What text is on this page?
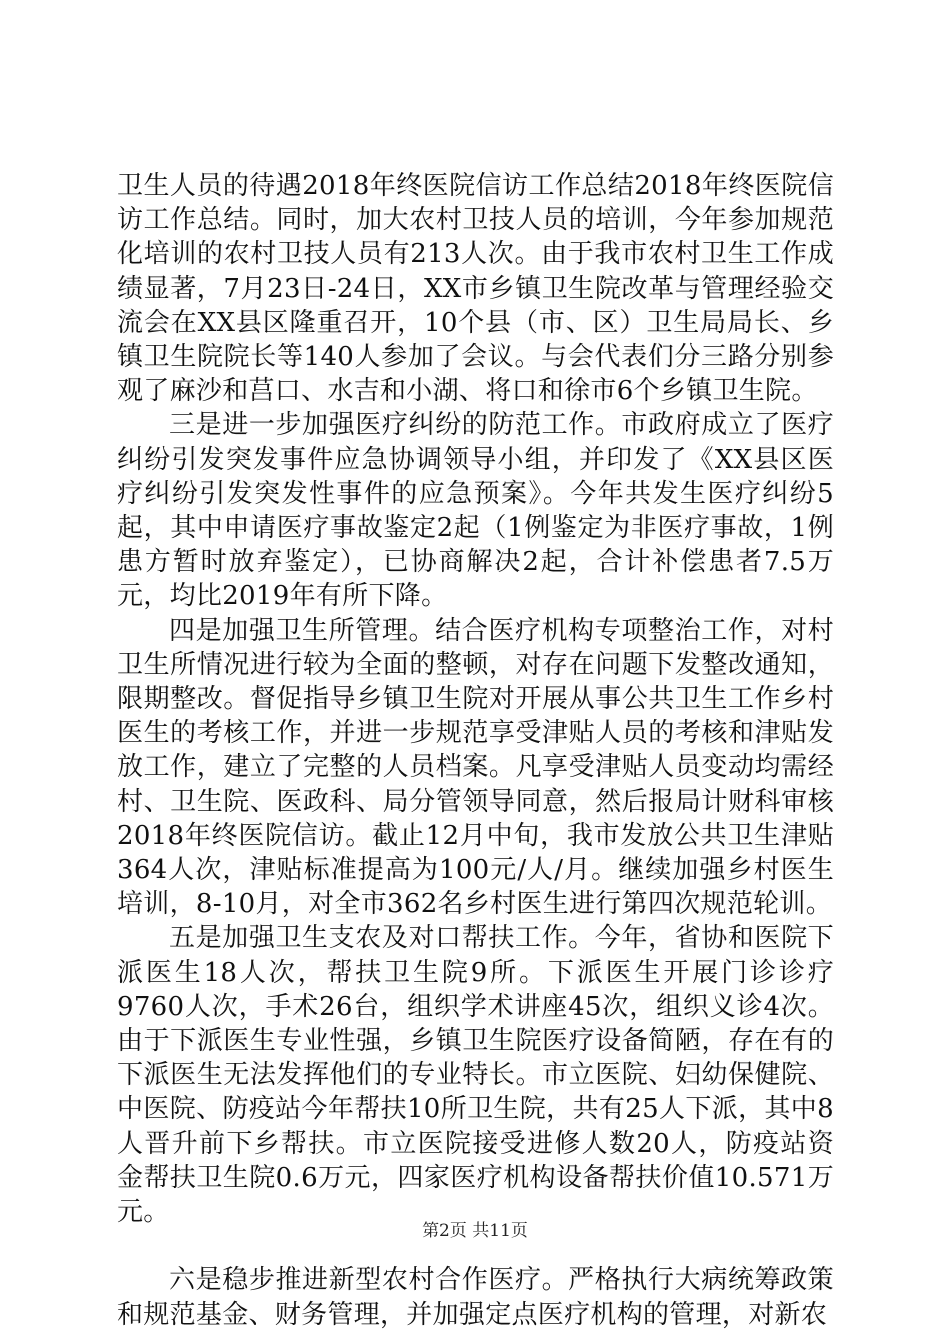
卫生人员的待遇2018年终医院信访工作总结2018年终医院信访工作总结。同时，加大农村卫技人员的培训，今年参加规范化培训的农村卫技人员有213人次。由于我市农村卫生工作成绩显著，7月23日-24日，XX市乡镇卫生院改革与管理经验交流会在XX县区隆重召开，10个县（市、区）卫生局局长、乡镇卫生院院长等140人参加了会议。与会代表们分三路分别参观了麻沙和莒口、水吉和小湖、将口和徐市6个乡镇卫生院。

三是进一步加强医疗纠纷的防范工作。市政府成立了医疗纠纷引发突发事件应急协调领导小组，并印发了《XX县区医疗纠纷引发突发性事件的应急预案》。今年共发生医疗纠纷5起，其中申请医疗事故鉴定2起（1例鉴定为非医疗事故，1例患方暂时放弃鉴定），已协商解决2起，合计补偿患者7.5万元，均比2019年有所下降。

四是加强卫生所管理。结合医疗机构专项整治工作，对村卫生所情况进行较为全面的整顿，对存在问题下发整改通知，限期整改。督促指导乡镇卫生院对开展从事公共卫生工作乡村医生的考核工作，并进一步规范享受津贴人员的考核和津贴发放工作，建立了完整的人员档案。凡享受津贴人员变动均需经村、卫生院、医政科、局分管领导同意，然后报局计财科审核2018年终医院信访。截止12月中旬，我市发放公共卫生津贴364人次，津贴标准提高为100元/人/月。继续加强乡村医生培训，8-10月，对全市362名乡村医生进行第四次规范轮训。

五是加强卫生支农及对口帮扶工作。今年，省协和医院下派医生18人次，帮扶卫生院9所。下派医生开展门诊诊疗9760人次，手术26台，组织学术讲座45次，组织义诊4次。由于下派医生专业性强，乡镇卫生院医疗设备简陋，存在有的下派医生无法发挥他们的专业特长。市立医院、妇幼保健院、中医院、防疫站今年帮扶10所卫生院，共有25人下派，其中8人晋升前下乡帮扶。市立医院接受进修人数20人，防疫站资金帮扶卫生院0.6万元，四家医疗机构设备帮扶价值10.571万元。

六是稳步推进新型农村合作医疗。严格执行大病统筹政策和规范基金、财务管理，并加强定点医疗机构的管理，对新农

第2页 共11页
